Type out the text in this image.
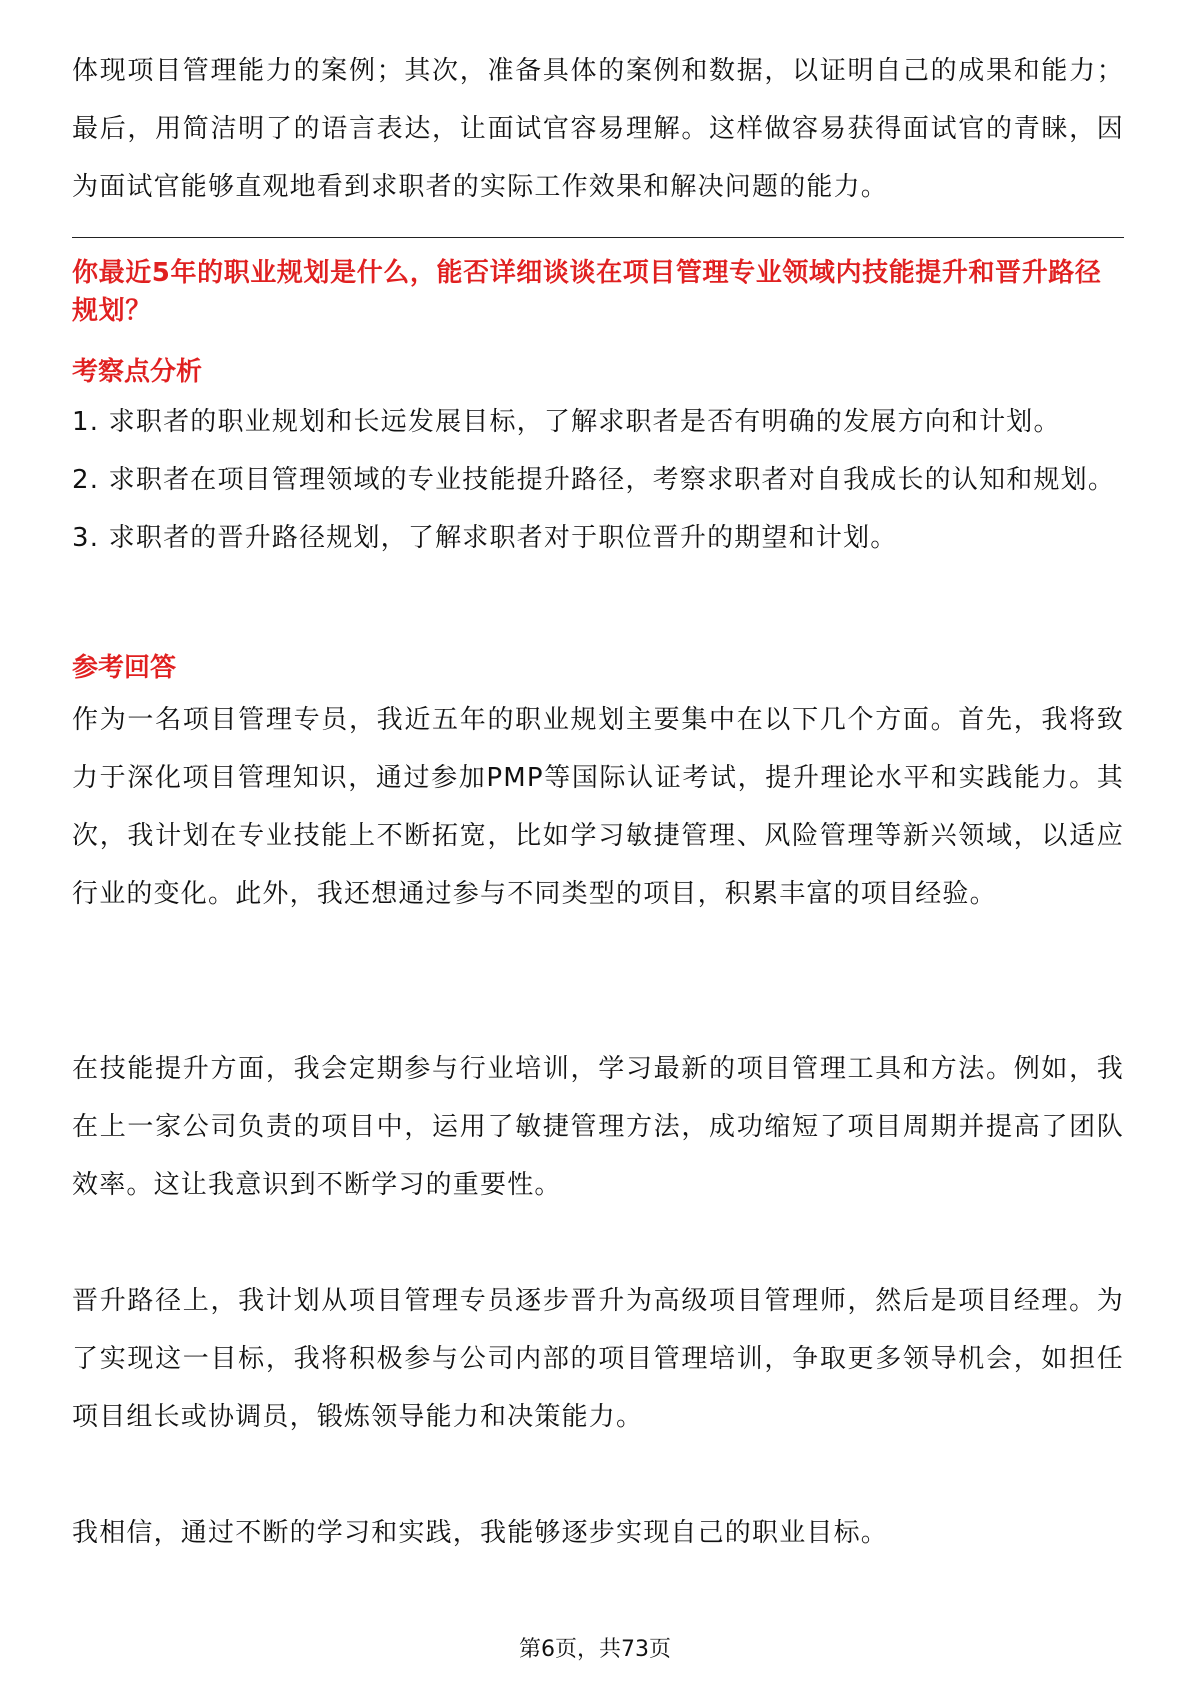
体现项目管理能力的案例；其次，准备具体的案例和数据，以证明自己的成果和能力；最后，用简洁明了的语言表达，让面试官容易理解。这样做容易获得面试官的青睐，因为面试官能够直观地看到求职者的实际工作效果和解决问题的能力。

你最近5年的职业规划是什么，能否详细谈谈在项目管理专业领域内技能提升和晋升路径规划？
考察点分析
1. 求职者的职业规划和长远发展目标，了解求职者是否有明确的发展方向和计划。
2. 求职者在项目管理领域的专业技能提升路径，考察求职者对自我成长的认知和规划。
3. 求职者的晋升路径规划，了解求职者对于职位晋升的期望和计划。
参考回答

作为一名项目管理专员，我近五年的职业规划主要集中在以下几个方面。首先，我将致力于深化项目管理知识，通过参加PMP等国际认证考试，提升理论水平和实践能力。其次，我计划在专业技能上不断拓宽，比如学习敏捷管理、风险管理等新兴领域，以适应行业的变化。此外，我还想通过参与不同类型的项目，积累丰富的项目经验。

在技能提升方面，我会定期参与行业培训，学习最新的项目管理工具和方法。例如，我在上一家公司负责的项目中，运用了敏捷管理方法，成功缩短了项目周期并提高了团队效率。这让我意识到不断学习的重要性。

晋升路径上，我计划从项目管理专员逐步晋升为高级项目管理师，然后是项目经理。为了实现这一目标，我将积极参与公司内部的项目管理培训，争取更多领导机会，如担任项目组长或协调员，锻炼领导能力和决策能力。

我相信，通过不断的学习和实践，我能够逐步实现自己的职业目标。

第6页，共73页
